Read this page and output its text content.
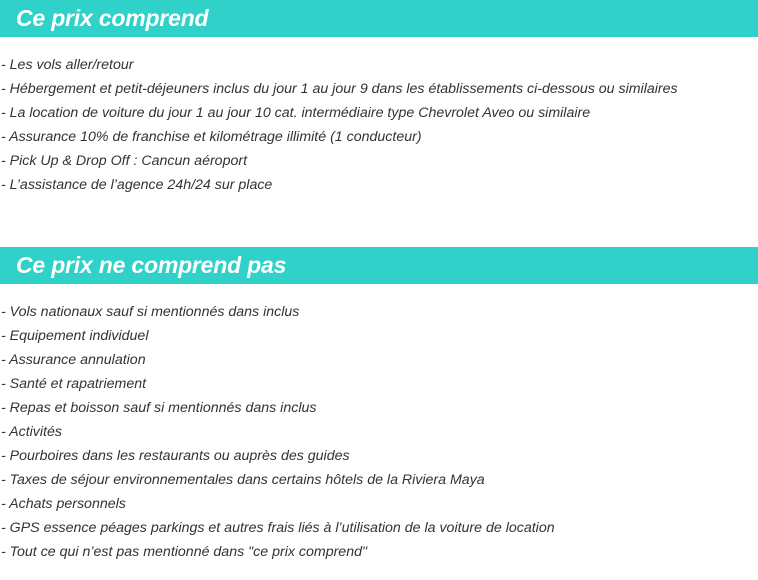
Ce prix comprend
- Les vols aller/retour
- Hébergement et petit-déjeuners inclus du jour 1 au jour 9 dans les établissements ci-dessous ou similaires
- La location de voiture du jour 1 au jour 10 cat. intermédiaire type Chevrolet Aveo ou similaire
- Assurance 10% de franchise et kilométrage illimité (1 conducteur)
- Pick Up & Drop Off : Cancun aéroport
- L’assistance de l’agence 24h/24 sur place
Ce prix ne comprend pas
- Vols nationaux sauf si mentionnés dans inclus
- Equipement individuel
- Assurance annulation
- Santé et rapatriement
- Repas et boisson sauf si mentionnés dans inclus
- Activités
- Pourboires dans les restaurants ou auprès des guides
- Taxes de séjour environnementales dans certains hôtels de la Riviera Maya
- Achats personnels
- GPS essence péages parkings et autres frais liés à l’utilisation de la voiture de location
- Tout ce qui n’est pas mentionné dans "ce prix comprend"
